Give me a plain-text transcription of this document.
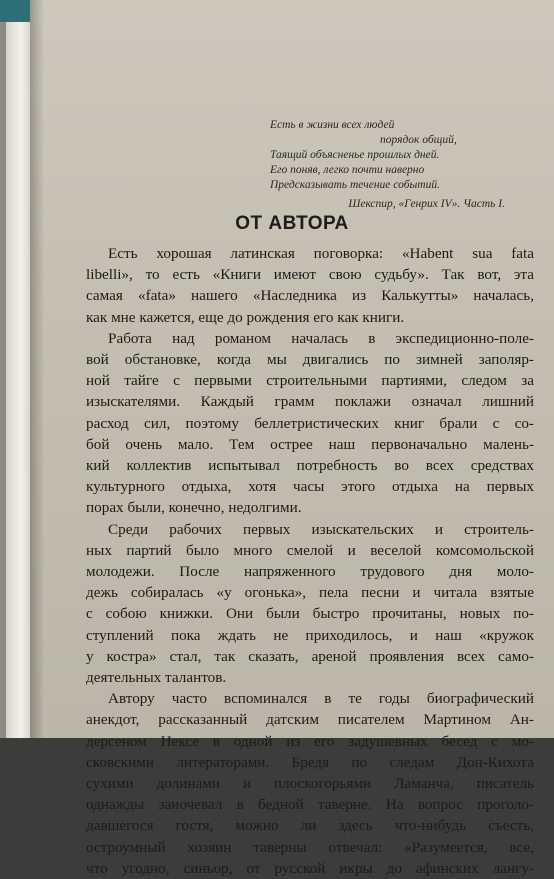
Есть в жизни всех людей
порядок общий,
Таящий объясненье прошлых дней.
Его поняв, легко почти наверно
Предсказывать течение событий.
Шекспир, «Генрих IV». Часть I.
ОТ АВТОРА
Есть хорошая латинская поговорка: «Habent sua fata
libelli», то есть «Книги имеют свою судьбу». Так вот, эта
самая «fata» нашего «Наследника из Калькутты» началась,
как мне кажется, еще до рождения его как книги.
Работа над романом началась в экспедиционно-поле-
вой обстановке, когда мы двигались по зимней заполяр-
ной тайге с первыми строительными партиями, следом за
изыскателями. Каждый грамм поклажи означал лишний
расход сил, поэтому беллетристических книг брали с со-
бой очень мало. Тем острее наш первоначально малень-
кий коллектив испытывал потребность во всех средствах
культурного отдыха, хотя часы этого отдыха на первых
порах были, конечно, недолгими.
Среди рабочих первых изыскательских и строитель-
ных партий было много смелой и веселой комсомольской
молодежи. После напряженного трудового дня моло-
дежь собиралась «у огонька», пела песни и читала взятые
с собою книжки. Они были быстро прочитаны, новых по-
ступлений пока ждать не приходилось, и наш «кружок
у костра» стал, так сказать, ареной проявления всех само-
деятельных талантов.
Автору часто вспоминался в те годы биографический
анекдот, рассказанный датским писателем Мартином Ан-
дерсеном Нексе в одной из его задушевных бесед с мо-
сковскими литераторами. Бредя по следам Дон-Кихота
сухими долинами и плоскогорьями Ламанча, писатель
однажды заночевал в бедной таверне. На вопрос проголо-
давшегося гостя, можно ли здесь что-нибудь съесть,
остроумный хозяин таверны отвечал: «Разумеется, все,
что угодно, синьор, от русской икры до афинских лангу-
